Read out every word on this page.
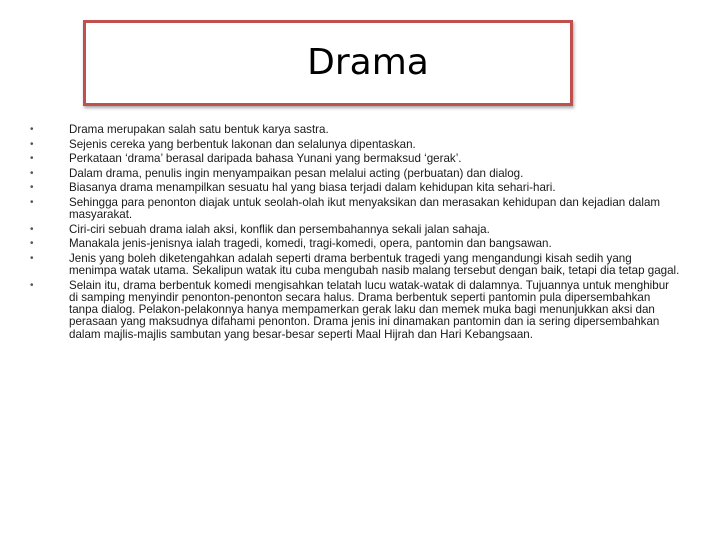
Drama
•	Drama merupakan salah satu bentuk karya sastra.
•	Sejenis cereka yang berbentuk lakonan dan selalunya dipentaskan.
•	Perkataan ‘drama’ berasal daripada bahasa Yunani yang bermaksud ‘gerak’.
•	Dalam drama, penulis ingin menyampaikan pesan melalui acting (perbuatan) dan dialog.
•	Biasanya drama menampilkan sesuatu hal yang biasa terjadi dalam kehidupan kita sehari-hari.
•	Sehingga para penonton diajak untuk seolah-olah ikut menyaksikan dan merasakan kehidupan dan kejadian dalam masyarakat.
•	Ciri-ciri sebuah drama ialah aksi, konflik dan persembahannya sekali jalan sahaja.
•	Manakala jenis-jenisnya ialah tragedi, komedi, tragi-komedi, opera, pantomin dan bangsawan.
•	Jenis yang boleh diketengahkan adalah seperti drama berbentuk tragedi yang mengandungi kisah sedih yang menimpa watak utama. Sekalipun watak itu cuba mengubah nasib malang tersebut dengan baik, tetapi dia tetap gagal.
•	Selain itu, drama berbentuk komedi mengisahkan telatah lucu watak-watak di dalamnya. Tujuannya untuk menghibur di samping menyindir penonton-penonton secara halus. Drama berbentuk seperti pantomin pula dipersembahkan tanpa dialog. Pelakon-pelakonnya hanya mempamerkan gerak laku dan memek muka bagi menunjukkan aksi dan perasaan yang maksudnya difahami penonton. Drama jenis ini dinamakan pantomin dan ia sering dipersembahkan dalam majlis-majlis sambutan yang besar-besar seperti Maal Hijrah dan Hari Kebangsaan.
